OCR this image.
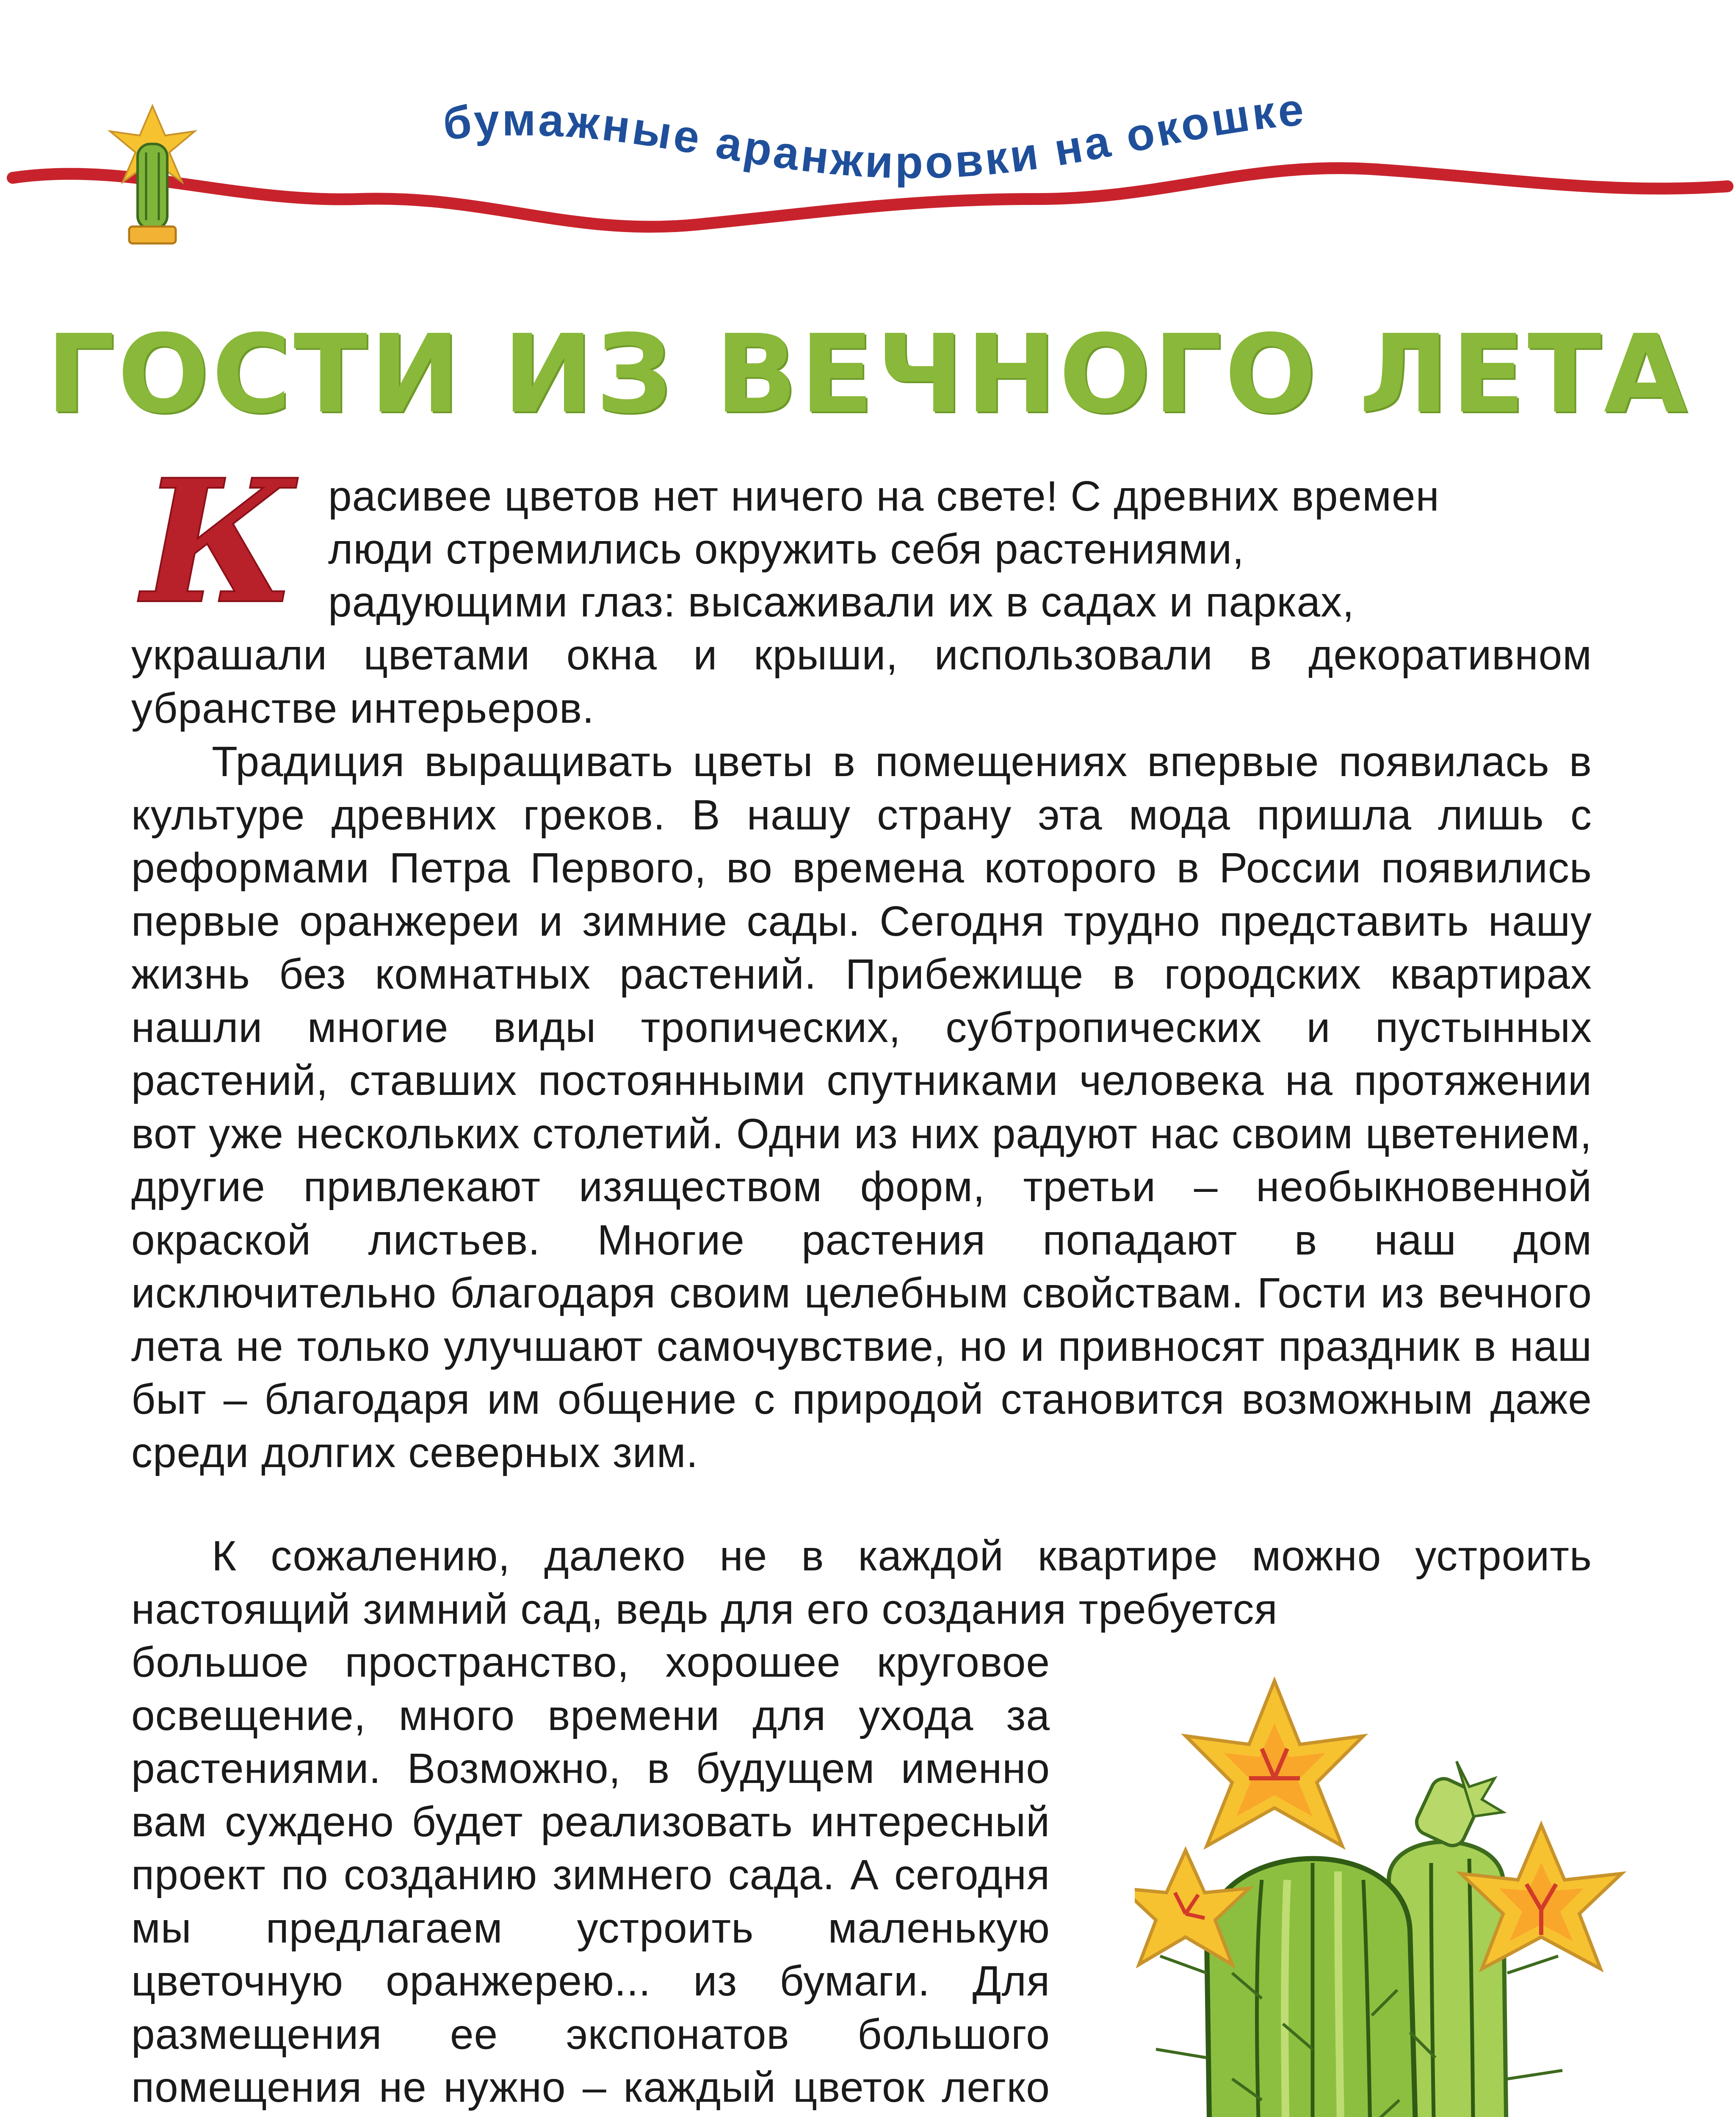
бумажные аранжировки на окошке
ГОСТИ ИЗ ВЕЧНОГО ЛЕТА
К расивее цветов нет ничего на свете! С древних времен
люди стремились окружить себя растениями,
радующими глаз: высаживали их в садах и парках,

украшали цветами окна и крыши, использовали в декоративном убранстве интерьеров.

Традиция выращивать цветы в помещениях впервые появилась в культуре древних греков. В нашу страну эта мода пришла лишь с реформами Петра Первого, во времена которого в России появились первые оранжереи и зимние сады. Сегодня трудно представить нашу жизнь без комнатных растений. Прибежище в городских квартирах нашли многие виды тропических, субтропических и пустынных растений, ставших постоянными спутниками человека на протяжении вот уже нескольких столетий. Одни из них радуют нас своим цветением, другие привлекают изяществом форм, третьи – необыкновенной окраской листьев. Многие растения попадают в наш дом исключительно благодаря своим целебным свойствам. Гости из вечного лета не только улучшают самочувствие, но и привносят праздник в наш быт – благодаря им общение с природой становится возможным даже среди долгих северных зим.

К сожалению, далеко не в каждой квартире можно устроить настоящий зимний сад, ведь для его создания требуется

большое пространство, хорошее круговое освещение, много времени для ухода за растениями. Возможно, в будущем именно вам суждено будет реализовать интересный проект по созданию зимнего сада. А сегодня мы предлагаем устроить маленькую цветочную оранжерею... из бумаги. Для размещения ее экспонатов большого помещения не нужно – каждый цветок легко
